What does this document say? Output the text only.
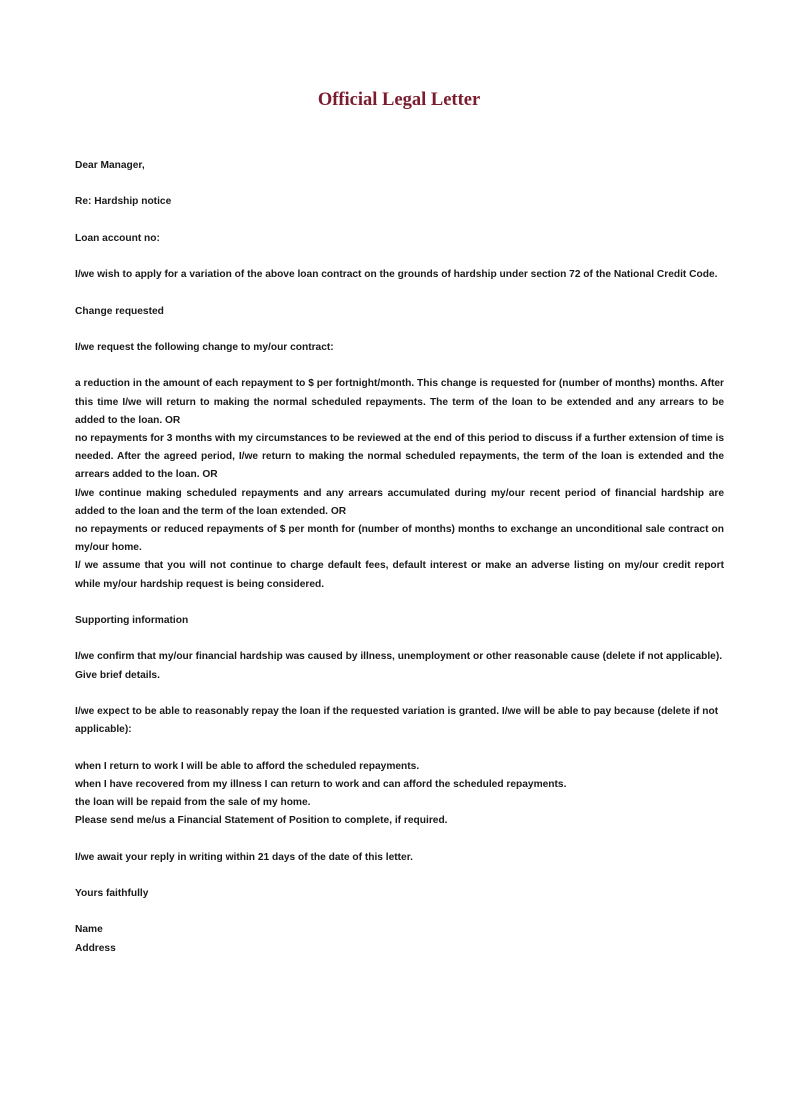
Official Legal Letter

Dear Manager,

Re: Hardship notice

Loan account no:

I/we wish to apply for a variation of the above loan contract on the grounds of hardship under section 72 of the National Credit Code.

Change requested

I/we request the following change to my/our contract:

a reduction in the amount of each repayment to $ per fortnight/month. This change is requested for (number of months) months. After this time I/we will return to making the normal scheduled repayments. The term of the loan to be extended and any arrears to be added to the loan. OR

no repayments for 3 months with my circumstances to be reviewed at the end of this period to discuss if a further extension of time is needed. After the agreed period, I/we return to making the normal scheduled repayments, the term of the loan is extended and the arrears added to the loan. OR

I/we continue making scheduled repayments and any arrears accumulated during my/our recent period of financial hardship are added to the loan and the term of the loan extended. OR

no repayments or reduced repayments of $ per month for (number of months) months to exchange an unconditional sale contract on my/our home.

I/ we assume that you will not continue to charge default fees, default interest or make an adverse listing on my/our credit report while my/our hardship request is being considered.

Supporting information

I/we confirm that my/our financial hardship was caused by illness, unemployment or other reasonable cause (delete if not applicable). Give brief details.

I/we expect to be able to reasonably repay the loan if the requested variation is granted. I/we will be able to pay because (delete if not applicable):

when I return to work I will be able to afford the scheduled repayments.

when I have recovered from my illness I can return to work and can afford the scheduled repayments.

the loan will be repaid from the sale of my home.

Please send me/us a Financial Statement of Position to complete, if required.

I/we await your reply in writing within 21 days of the date of this letter.

Yours faithfully

Name

Address
